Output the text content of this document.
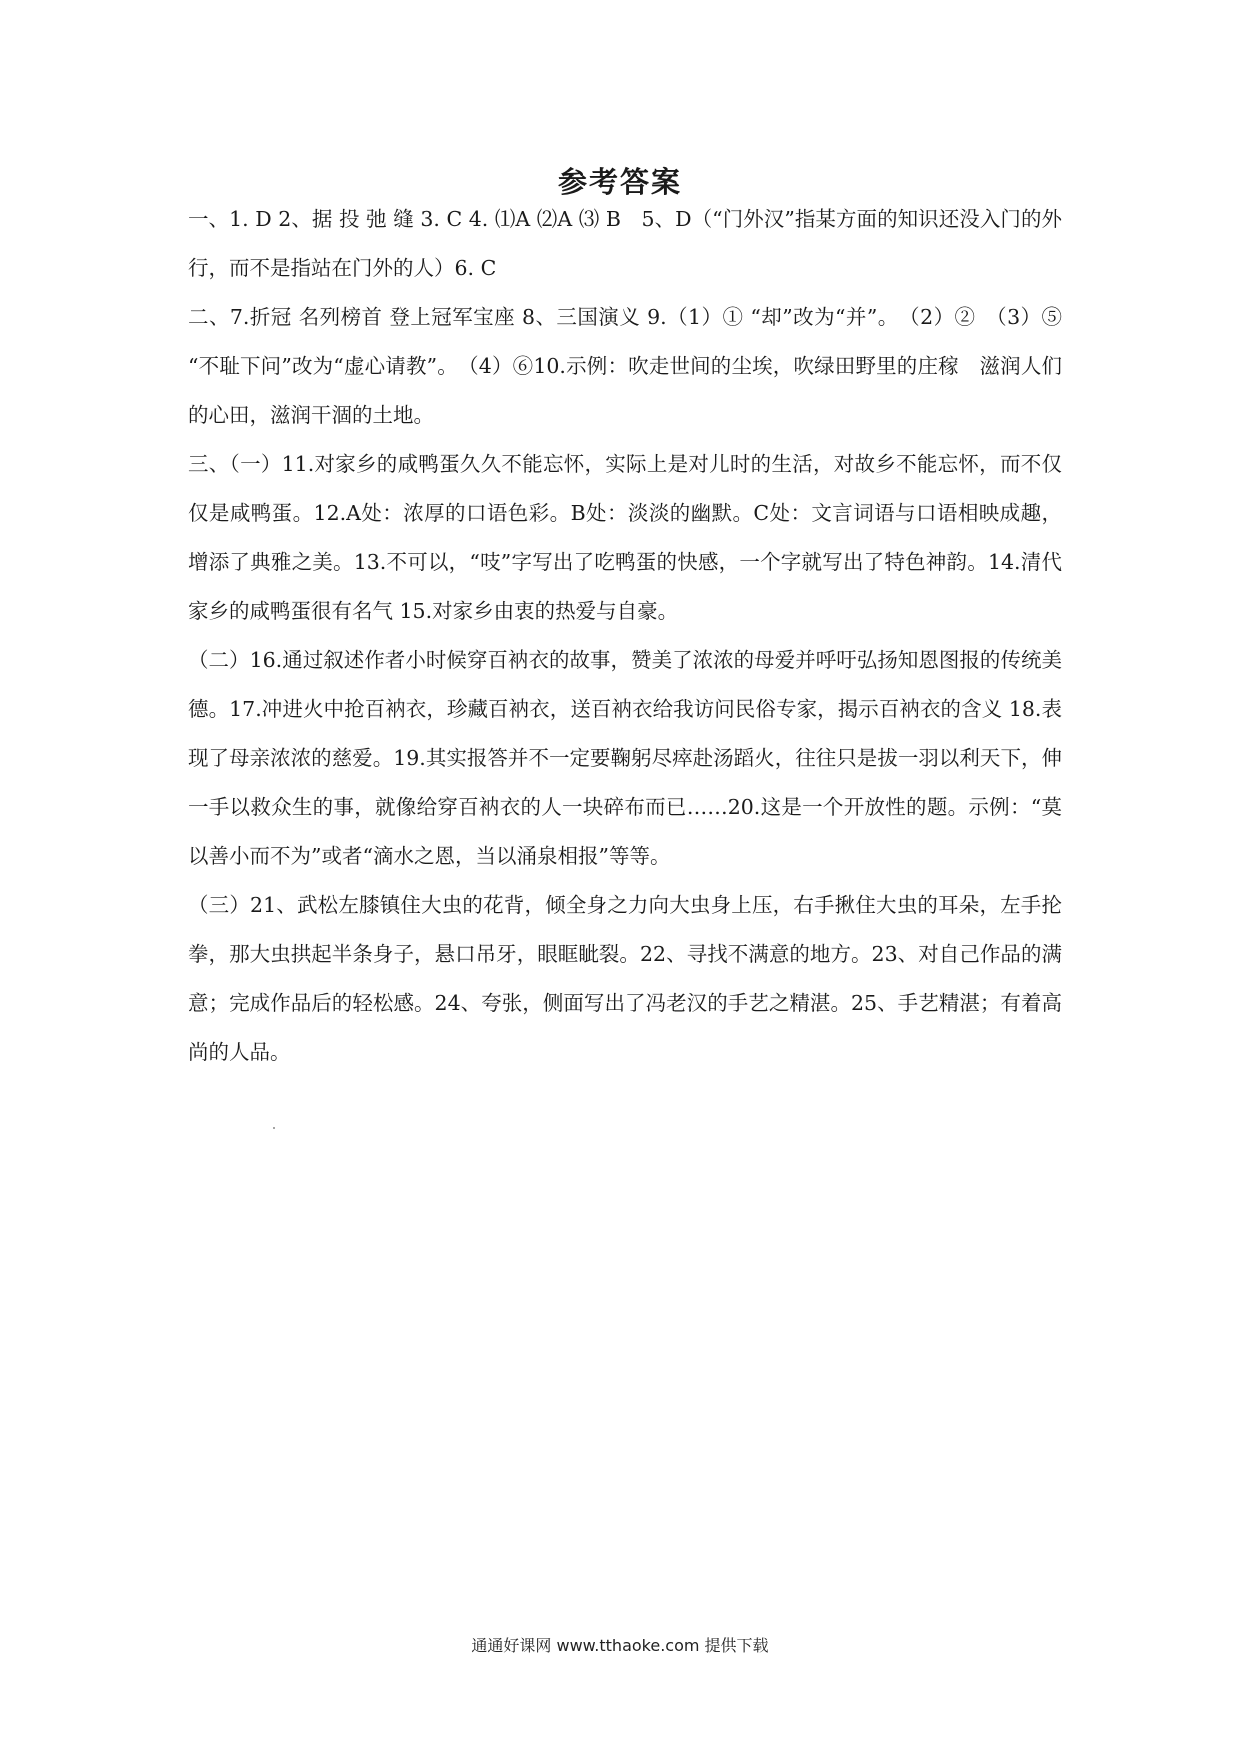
参考答案

一、1. D 2、据 投 弛 缝 3. C 4. ⑴A ⑵A ⑶ B　5、D（“门外汉”指某方面的知识还没入门的外行，而不是指站在门外的人）6. C

二、7.折冠 名列榜首 登上冠军宝座 8、三国演义 9.（1）① “却”改为“并”。　（2）②　（3）⑤ “不耻下问”改为“虚心请教”。　（4）⑥10.示例：吹走世间的尘埃，吹绿田野里的庄稼　滋润人们的心田，滋润干涸的土地。

三、（一）11.对家乡的咸鸭蛋久久不能忘怀，实际上是对儿时的生活，对故乡不能忘怀，而不仅仅是咸鸭蛋。12.A处：浓厚的口语色彩。B处：淡淡的幽默。C处：文言词语与口语相映成趣，增添了典雅之美。13.不可以，“吱”字写出了吃鸭蛋的快感，一个字就写出了特色神韵。14.清代　家乡的咸鸭蛋很有名气 15.对家乡由衷的热爱与自豪。

（二）16.通过叙述作者小时候穿百衲衣的故事，赞美了浓浓的母爱并呼吁弘扬知恩图报的传统美德。17.冲进火中抢百衲衣，珍藏百衲衣，送百衲衣给我访问民俗专家，揭示百衲衣的含义 18.表现了母亲浓浓的慈爱。19.其实报答并不一定要鞠躬尽瘁赴汤蹈火，往往只是拔一羽以利天下，伸一手以救众生的事，就像给穿百衲衣的人一块碎布而已……20.这是一个开放性的题。示例：“莫以善小而不为”或者“滴水之恩，当以涌泉相报”等等。

（三）21、武松左膝镇住大虫的花背，倾全身之力向大虫身上压，右手揪住大虫的耳朵，左手抡拳，那大虫拱起半条身子，悬口吊牙，眼眶眦裂。22、寻找不满意的地方。23、对自己作品的满意；完成作品后的轻松感。24、夸张，侧面写出了冯老汉的手艺之精湛。25、手艺精湛；有着高尚的人品。

通通好课网 www.tthaoke.com 提供下载
